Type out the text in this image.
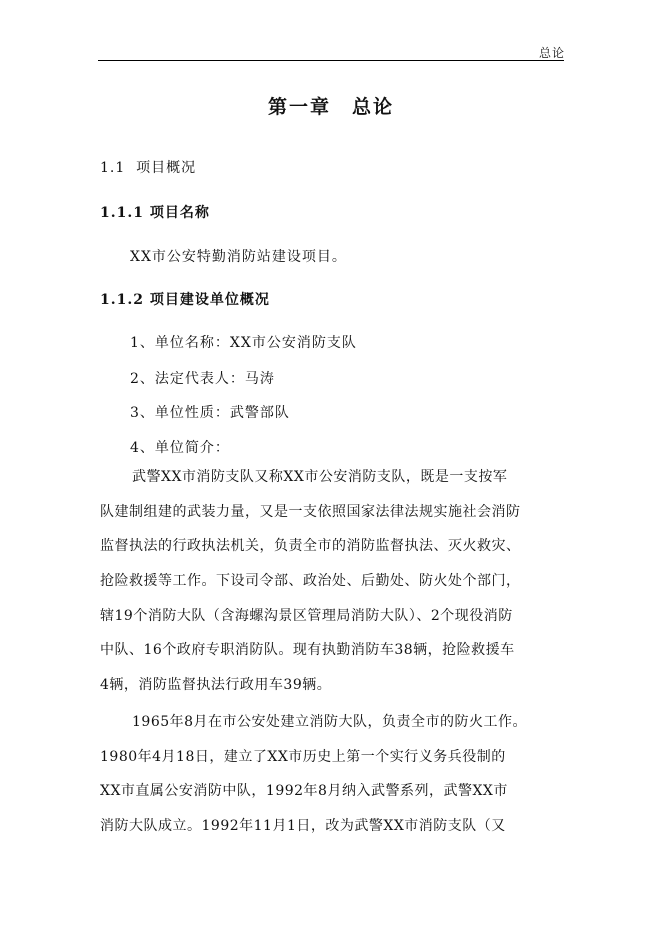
总论
第一章　总论
1.1 项目概况
1.1.1 项目名称
XX市公安特勤消防站建设项目。
1.1.2 项目建设单位概况
1、单位名称：XX市公安消防支队
2、法定代表人：马涛
3、单位性质：武警部队
4、单位简介：
武警XX市消防支队又称XX市公安消防支队，既是一支按军
队建制组建的武装力量，又是一支依照国家法律法规实施社会消防
监督执法的行政执法机关，负责全市的消防监督执法、灭火救灾、
抢险救援等工作。下设司令部、政治处、后勤处、防火处个部门，
辖19个消防大队（含海螺沟景区管理局消防大队）、2个现役消防
中队、16个政府专职消防队。现有执勤消防车38辆，抢险救援车
4辆，消防监督执法行政用车39辆。
1965年8月在市公安处建立消防大队，负责全市的防火工作。
1980年4月18日，建立了XX市历史上第一个实行义务兵役制的
XX市直属公安消防中队，1992年8月纳入武警系列，武警XX市
消防大队成立。1992年11月1日，改为武警XX市消防支队（又
